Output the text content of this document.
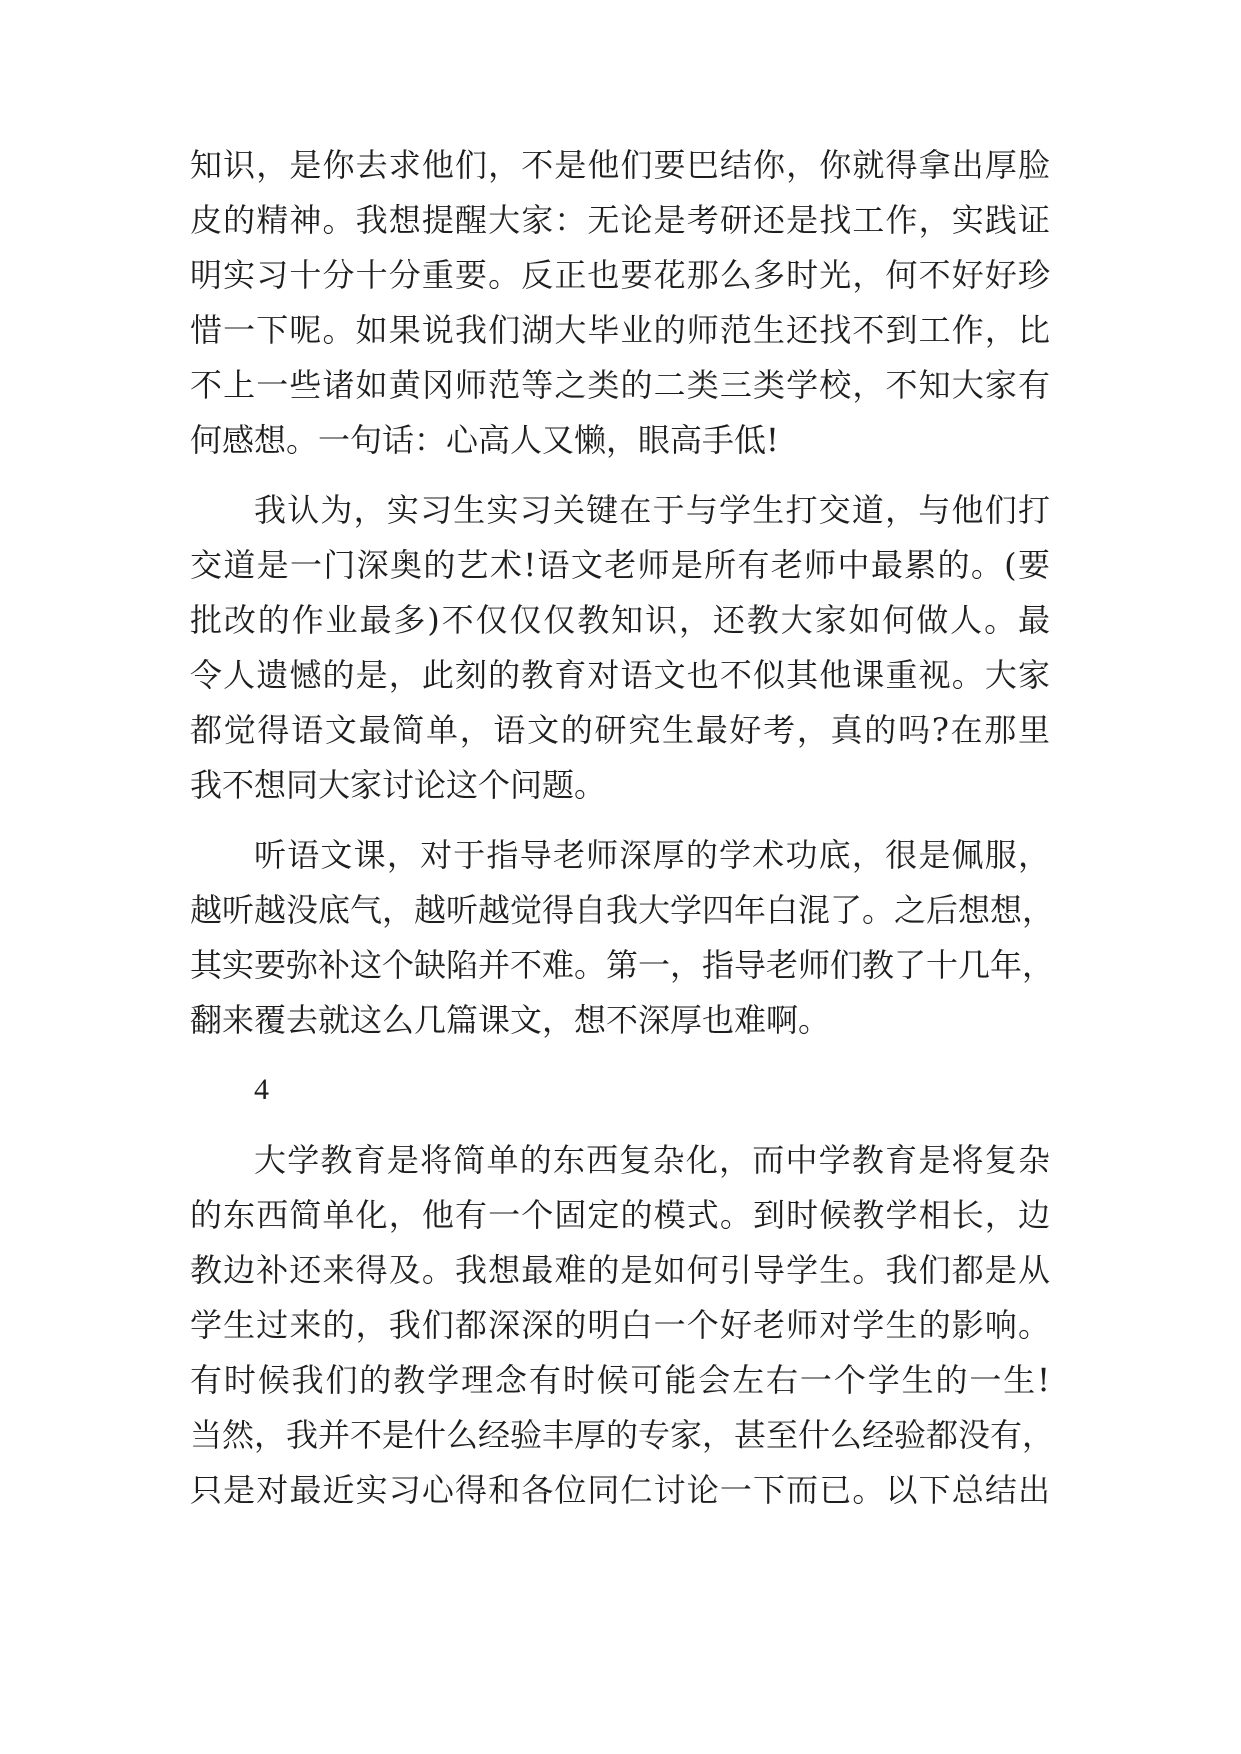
知识，是你去求他们，不是他们要巴结你，你就得拿出厚脸
皮的精神。我想提醒大家：无论是考研还是找工作，实践证
明实习十分十分重要。反正也要花那么多时光，何不好好珍
惜一下呢。如果说我们湖大毕业的师范生还找不到工作，比
不上一些诸如黄冈师范等之类的二类三类学校，不知大家有
何感想。一句话：心高人又懒，眼高手低!
我认为，实习生实习关键在于与学生打交道，与他们打
交道是一门深奥的艺术!语文老师是所有老师中最累的。(要
批改的作业最多)不仅仅仅教知识，还教大家如何做人。最
令人遗憾的是，此刻的教育对语文也不似其他课重视。大家
都觉得语文最简单，语文的研究生最好考，真的吗?在那里
我不想同大家讨论这个问题。
听语文课，对于指导老师深厚的学术功底，很是佩服，
越听越没底气，越听越觉得自我大学四年白混了。之后想想，
其实要弥补这个缺陷并不难。第一，指导老师们教了十几年，
翻来覆去就这么几篇课文，想不深厚也难啊。
4
大学教育是将简单的东西复杂化，而中学教育是将复杂
的东西简单化，他有一个固定的模式。到时候教学相长，边
教边补还来得及。我想最难的是如何引导学生。我们都是从
学生过来的，我们都深深的明白一个好老师对学生的影响。
有时候我们的教学理念有时候可能会左右一个学生的一生!
当然，我并不是什么经验丰厚的专家，甚至什么经验都没有，
只是对最近实习心得和各位同仁讨论一下而已。以下总结出
